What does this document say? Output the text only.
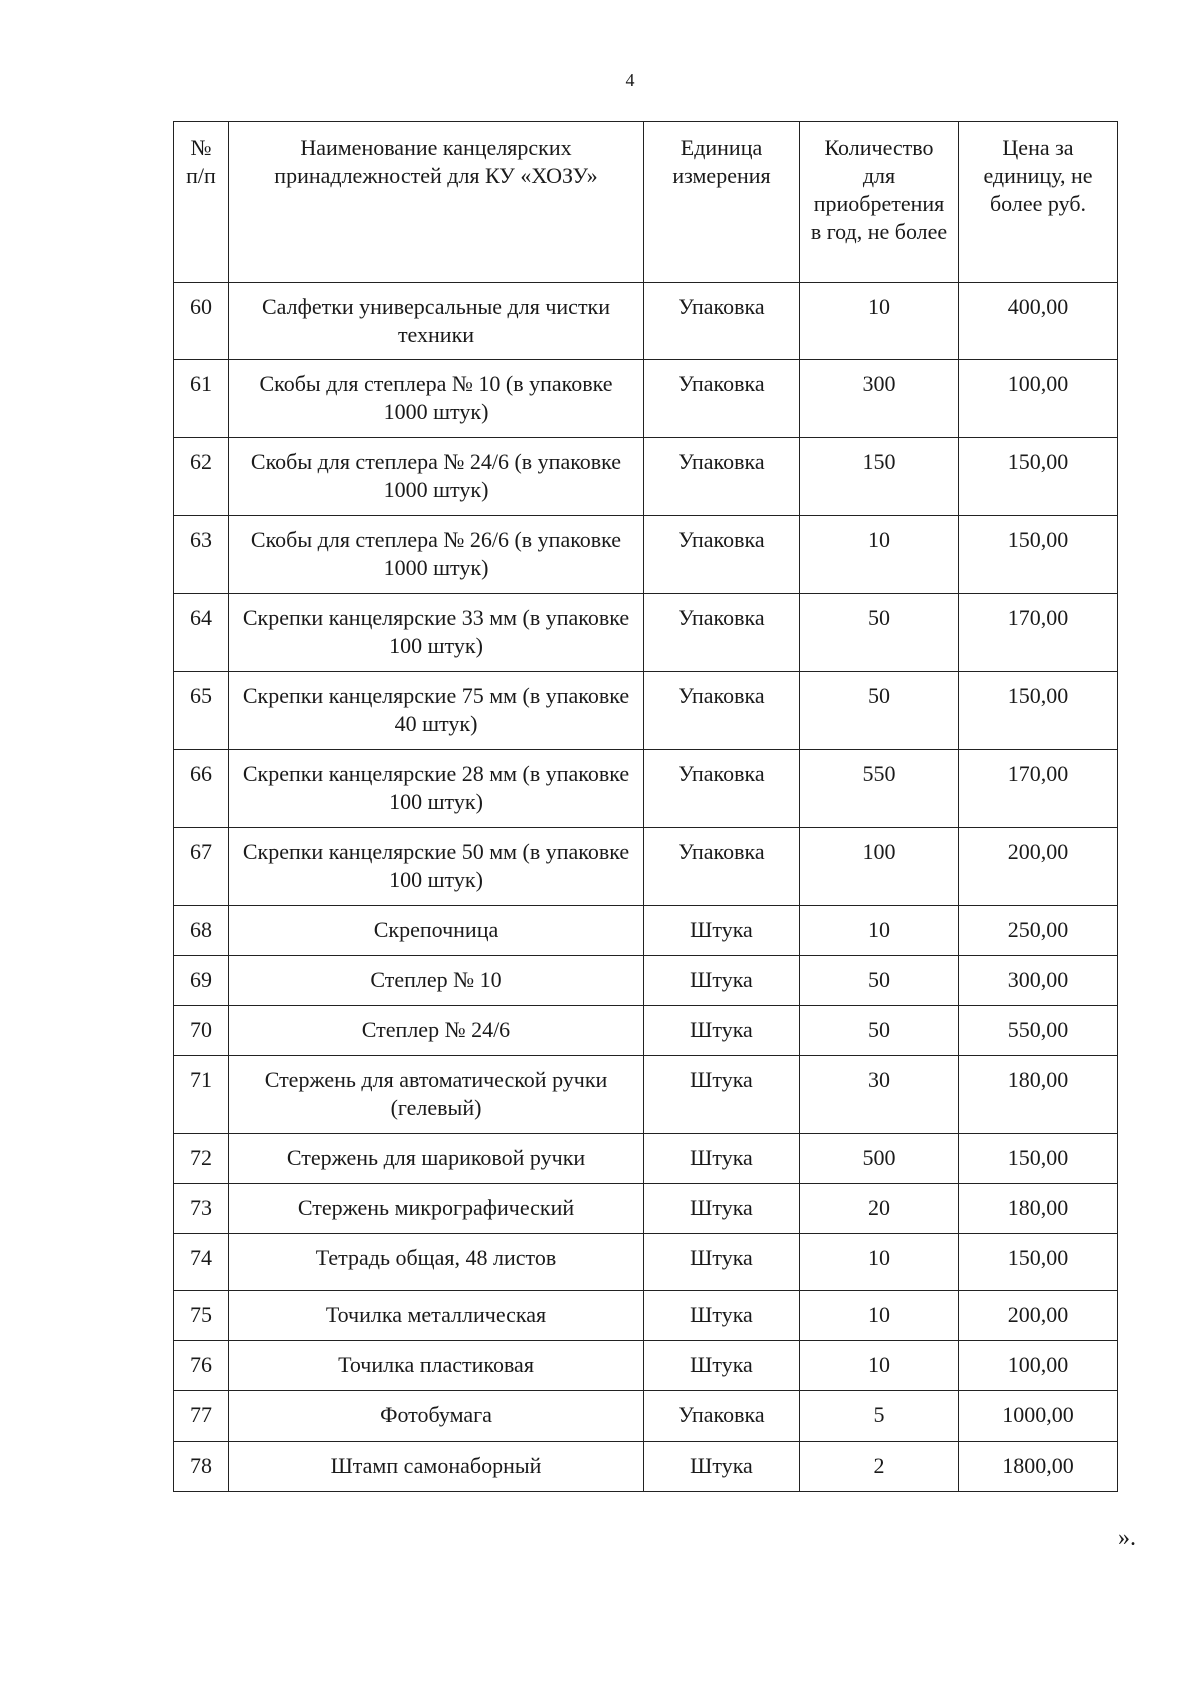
4
№ п/п	Наименование канцелярских принадлежностей для КУ «ХОЗУ»	Единица измерения	Количество для приобретения в год, не более	Цена за единицу, не более руб.
60	Салфетки универсальные для чистки техники	Упаковка	10	400,00
61	Скобы для степлера № 10 (в упаковке 1000 штук)	Упаковка	300	100,00
62	Скобы для степлера № 24/6 (в упаковке 1000 штук)	Упаковка	150	150,00
63	Скобы для степлера № 26/6 (в упаковке 1000 штук)	Упаковка	10	150,00
64	Скрепки канцелярские 33 мм (в упаковке 100 штук)	Упаковка	50	170,00
65	Скрепки канцелярские 75 мм (в упаковке 40 штук)	Упаковка	50	150,00
66	Скрепки канцелярские 28 мм (в упаковке 100 штук)	Упаковка	550	170,00
67	Скрепки канцелярские 50 мм (в упаковке 100 штук)	Упаковка	100	200,00
68	Скрепочница	Штука	10	250,00
69	Степлер № 10	Штука	50	300,00
70	Степлер № 24/6	Штука	50	550,00
71	Стержень для автоматической ручки (гелевый)	Штука	30	180,00
72	Стержень для шариковой ручки	Штука	500	150,00
73	Стержень микрографический	Штука	20	180,00
74	Тетрадь общая, 48 листов	Штука	10	150,00
75	Точилка металлическая	Штука	10	200,00
76	Точилка пластиковая	Штука	10	100,00
77	Фотобумага	Упаковка	5	1000,00
78	Штамп самонаборный	Штука	2	1800,00
».
